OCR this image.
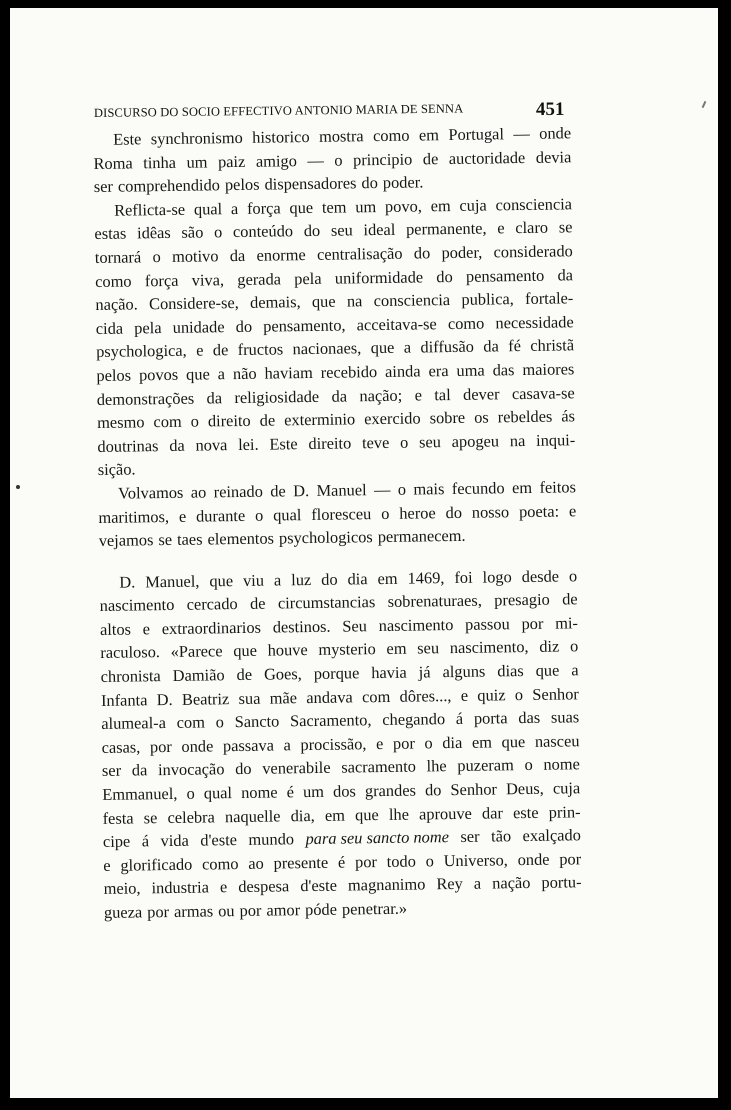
DISCURSO DO SOCIO EFFECTIVO ANTONIO MARIA DE SENNA	451
Este synchronismo historico mostra como em Portugal — onde
Roma tinha um paiz amigo — o principio de auctoridade devia
ser comprehendido pelos dispensadores do poder.
Reflicta-se qual a força que tem um povo, em cuja consciencia
estas idêas são o conteúdo do seu ideal permanente, e claro se
tornará o motivo da enorme centralisação do poder, considerado
como força viva, gerada pela uniformidade do pensamento da
nação. Considere-se, demais, que na consciencia publica, fortale-
cida pela unidade do pensamento, acceitava-se como necessidade
psychologica, e de fructos nacionaes, que a diffusão da fé christã
pelos povos que a não haviam recebido ainda era uma das maiores
demonstrações da religiosidade da nação; e tal dever casava-se
mesmo com o direito de exterminio exercido sobre os rebeldes ás
doutrinas da nova lei. Este direito teve o seu apogeu na inqui-
sição.
Volvamos ao reinado de D. Manuel — o mais fecundo em feitos
maritimos, e durante o qual floresceu o heroe do nosso poeta: e
vejamos se taes elementos psychologicos permanecem.
D. Manuel, que viu a luz do dia em 1469, foi logo desde o
nascimento cercado de circumstancias sobrenaturaes, presagio de
altos e extraordinarios destinos. Seu nascimento passou por mi-
raculoso. «Parece que houve mysterio em seu nascimento, diz o
chronista Damião de Goes, porque havia já alguns dias que a
Infanta D. Beatriz sua mãe andava com dôres..., e quiz o Senhor
alumeal-a com o Sancto Sacramento, chegando á porta das suas
casas, por onde passava a procissão, e por o dia em que nasceu
ser da invocação do venerabile sacramento lhe puzeram o nome
Emmanuel, o qual nome é um dos grandes do Senhor Deus, cuja
festa se celebra naquelle dia, em que lhe aprouve dar este prin-
cipe á vida d'este mundo para seu sancto nome ser tão exalçado
e glorificado como ao presente é por todo o Universo, onde por
meio, industria e despesa d'este magnanimo Rey a nação portu-
gueza por armas ou por amor póde penetrar.»
